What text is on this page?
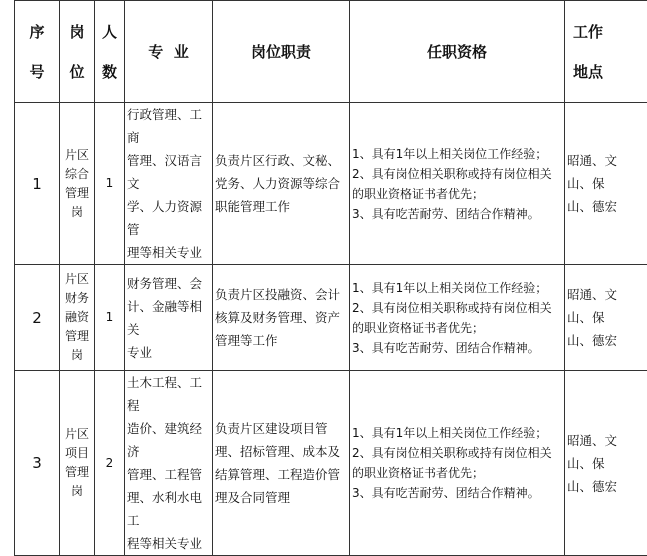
序
号	岗
位	人
数	专  业	岗位职责	任职资格	工作
地点

1	片区
综合
管理
岗	1	行政管理、工商
管理、汉语言文
学、人力资源管
理等相关专业	负责片区行政、文秘、
党务、人力资源等综合
职能管理工作	1、具有1年以上相关岗位工作经验；
2、具有岗位相关职称或持有岗位相关
的职业资格证书者优先；
3、具有吃苦耐劳、团结合作精神。	昭通、文
山、保
山、德宏

2	片区
财务
融资
管理
岗	1	财务管理、会
计、金融等相关
专业	负责片区投融资、会计
核算及财务管理、资产
管理等工作	1、具有1年以上相关岗位工作经验；
2、具有岗位相关职称或持有岗位相关
的职业资格证书者优先；
3、具有吃苦耐劳、团结合作精神。	昭通、文
山、保
山、德宏

3	片区
项目
管理
岗	2	土木工程、工程
造价、建筑经济
管理、工程管
理、水利水电工
程等相关专业	负责片区建设项目管
理、招标管理、成本及
结算管理、工程造价管
理及合同管理	1、具有1年以上相关岗位工作经验；
2、具有岗位相关职称或持有岗位相关
的职业资格证书者优先；
3、具有吃苦耐劳、团结合作精神。	昭通、文
山、保
山、德宏
